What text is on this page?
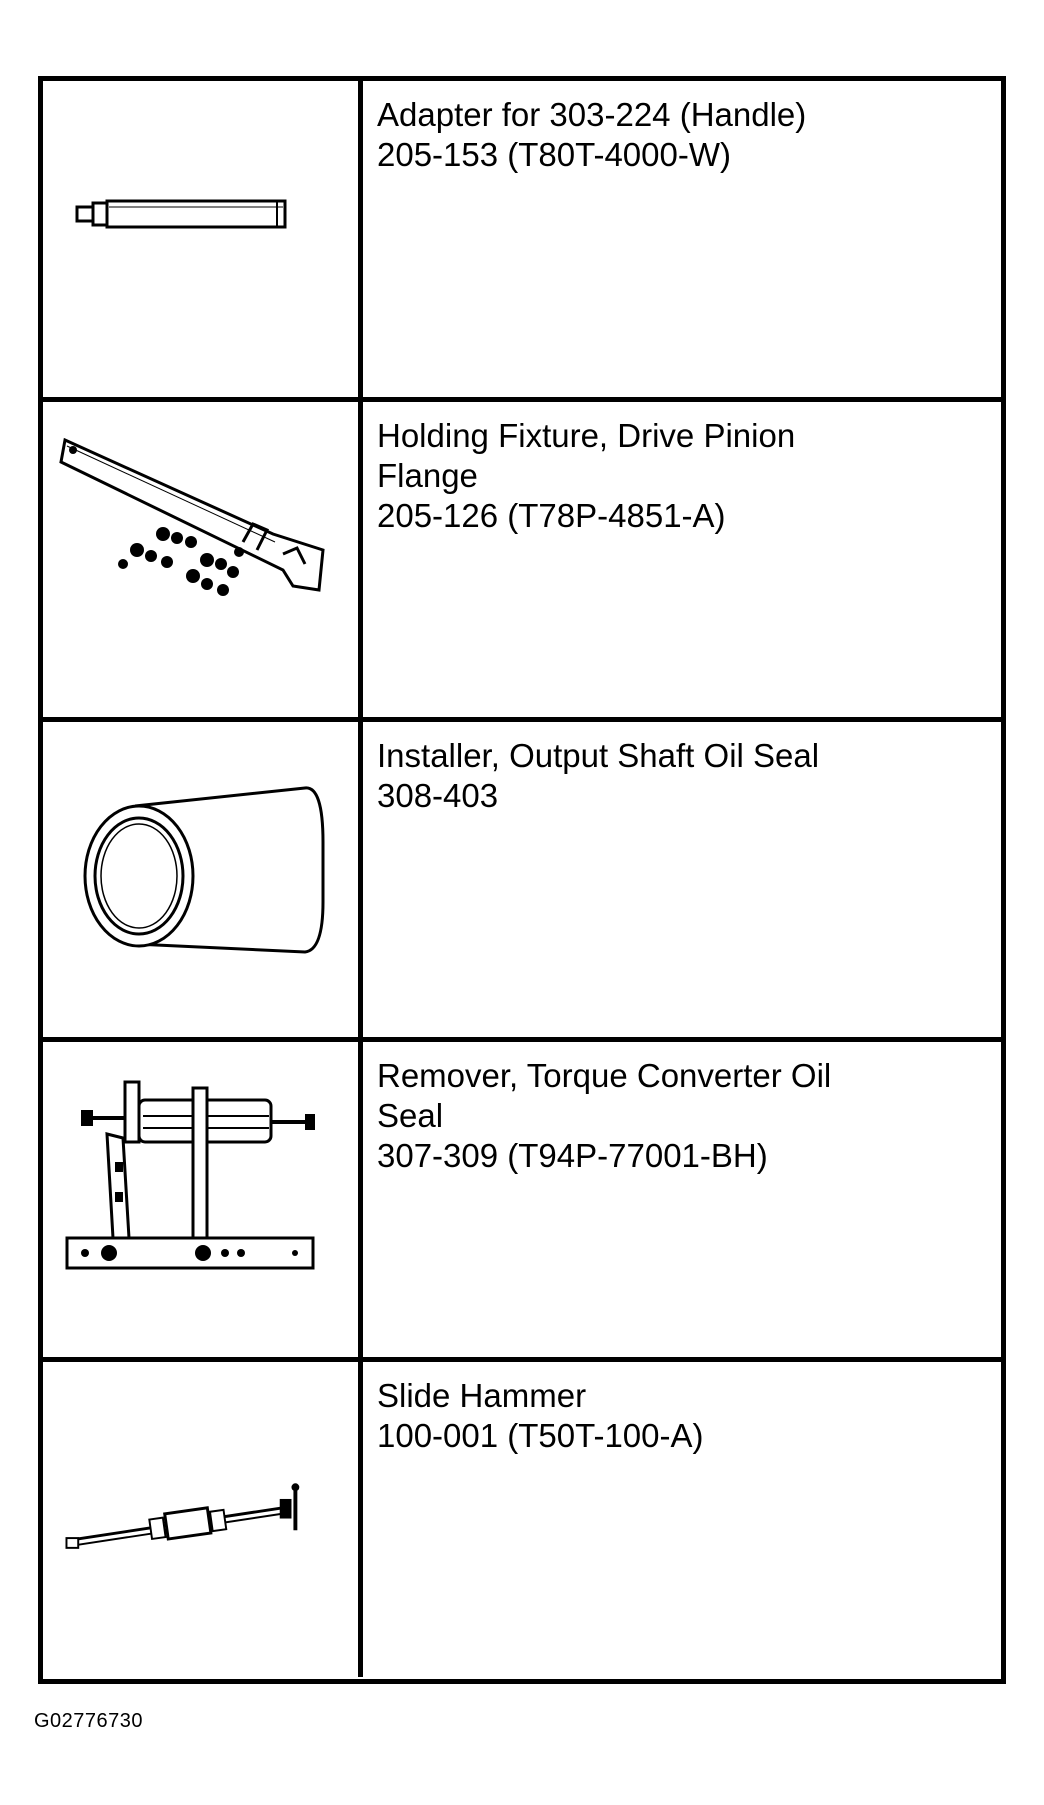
Adapter for 303-224 (Handle)
205-153 (T80T-4000-W)
Holding Fixture, Drive Pinion
Flange
205-126 (T78P-4851-A)
Installer, Output Shaft Oil Seal
308-403
Remover, Torque Converter Oil
Seal
307-309 (T94P-77001-BH)
Slide Hammer
100-001 (T50T-100-A)
G02776730
